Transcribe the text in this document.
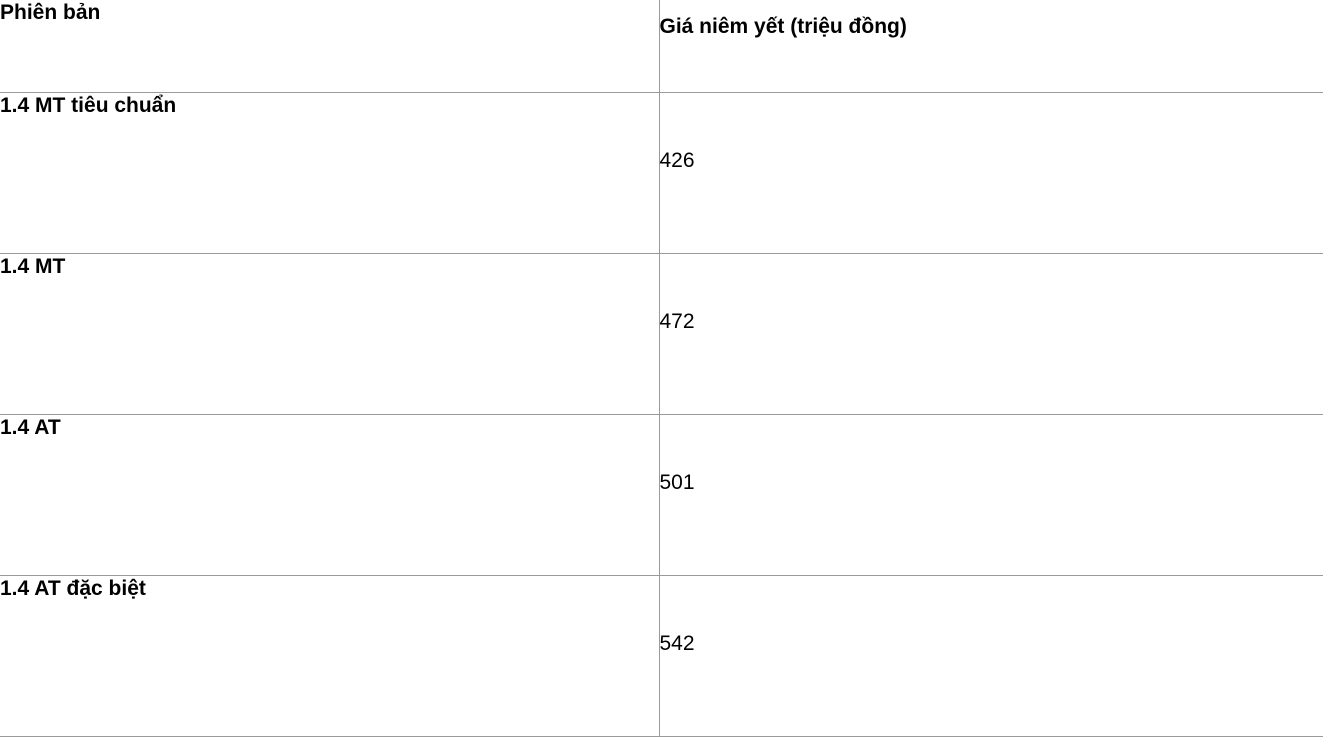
Phiên bản	Giá niêm yết (triệu đồng)
1.4 MT tiêu chuẩn	426

1.4 MT	472

1.4 AT	501

1.4 AT đặc biệt	542
